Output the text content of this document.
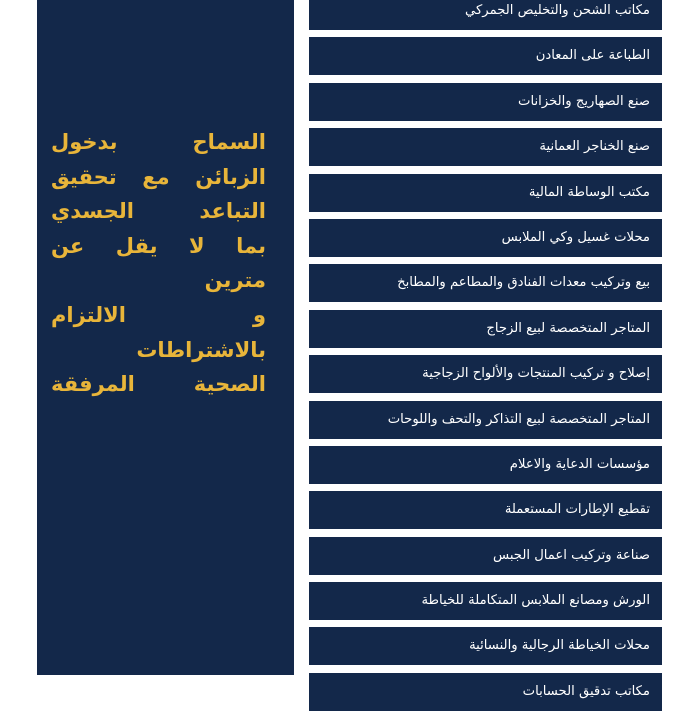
السماح بدخول
الزبائن مع تحقيق
التباعد الجسدي
بما لا يقل عن
مترين
و الالتزام
بالاشتراطات
الصحية المرفقة
مكاتب الشحن والتخليص الجمركي
الطباعة على المعادن
صنع الصهاريج والخزانات
صنع الخناجر العمانية
مكتب الوساطة المالية
محلات غسيل وكي الملابس
بيع وتركيب معدات الفنادق والمطاعم والمطابخ
المتاجر المتخصصة لبيع الزجاج
إصلاح و تركيب المنتجات والألواح الزجاجية
المتاجر المتخصصة لبيع التذاكر والتحف واللوحات
مؤسسات الدعاية والاعلام
تقطيع الإطارات المستعملة
صناعة وتركيب اعمال الجبس
الورش ومصانع الملابس المتكاملة للخياطة
محلات الخياطة الرجالية والنسائية
مكاتب تدقيق الحسابات
